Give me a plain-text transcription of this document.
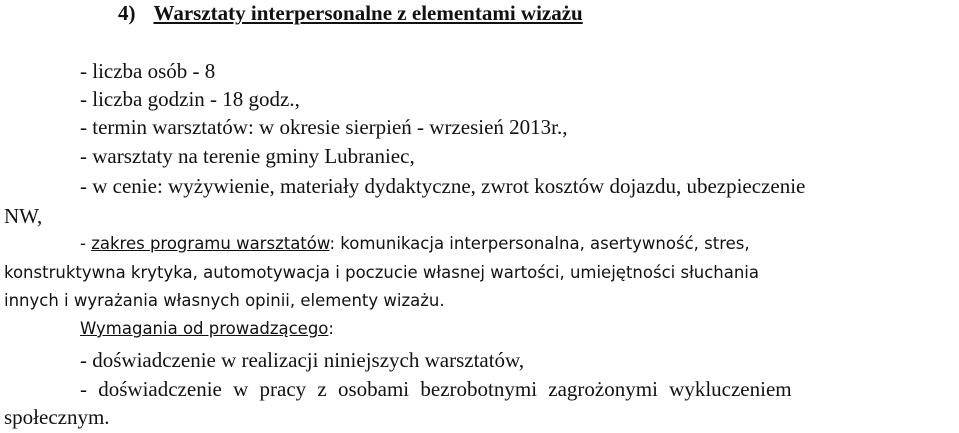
4) Warsztaty interpersonalne z elementami wizażu
- liczba osób - 8
- liczba godzin - 18 godz.,
- termin warsztatów: w okresie sierpień - wrzesień 2013r.,
- warsztaty na terenie gminy Lubraniec,
- w cenie: wyżywienie, materiały dydaktyczne, zwrot kosztów dojazdu, ubezpieczenie
NW,
- zakres programu warsztatów: komunikacja interpersonalna, asertywność, stres,
konstruktywna krytyka, automotywacja i poczucie własnej wartości, umiejętności słuchania
innych i wyrażania własnych opinii, elementy wizażu.
Wymagania od prowadzącego:
- doświadczenie w realizacji niniejszych warsztatów,
- doświadczenie w pracy z osobami bezrobotnymi zagrożonymi wykluczeniem
społecznym.
